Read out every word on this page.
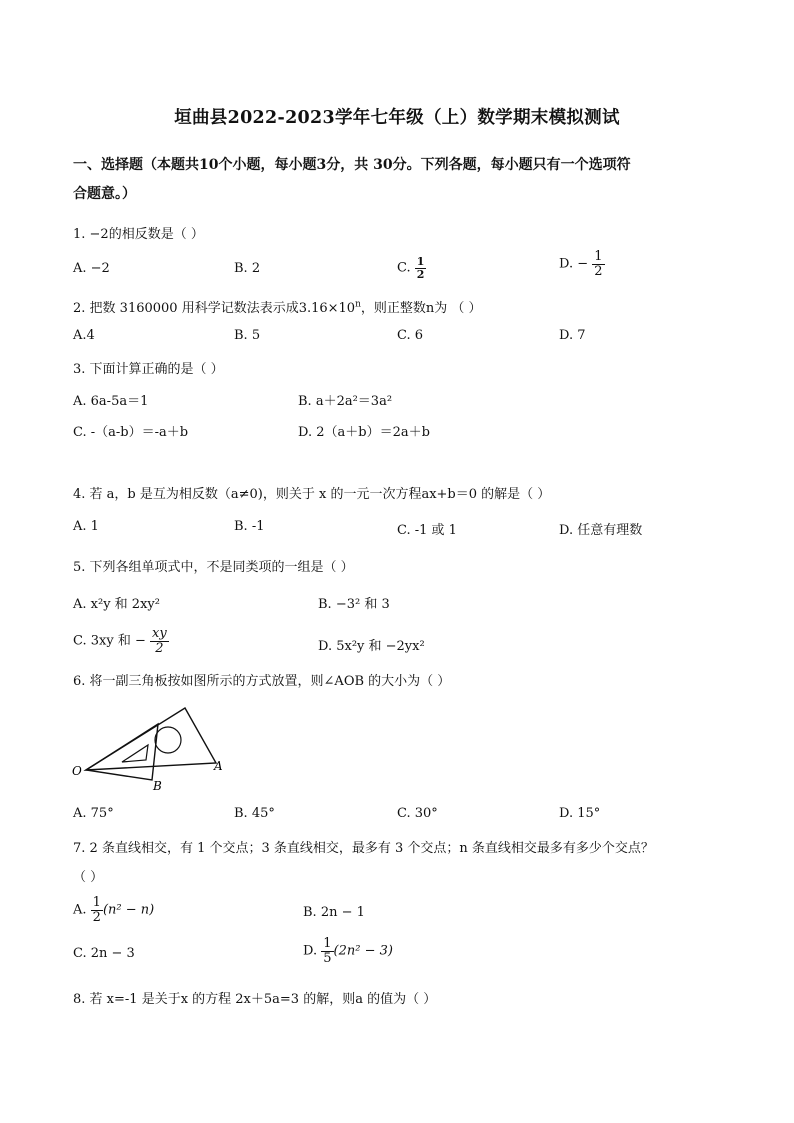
垣曲县2022-2023学年七年级（上）数学期末模拟测试
一、选择题（本题共10个小题，每小题3分，共 30分。下列各题，每小题只有一个选项符
合题意。）
1. −2的相反数是（ ）
A. −2	B. 2	C. $\frac{1}{2}$	D. − $\frac{1}{2}$
2. 把数 3160000 用科学记数法表示成$3.16\times 10^n$，则正整数n为 （ ）
A.4	B. 5	C. 6	D. 7
3. 下面计算正确的是（ ）
A. 6a-5a＝1	B. a＋2a²＝3a²
C. -（a-b）＝-a＋b	D. 2（a＋b）＝2a＋b
4. 若 a，b 是互为相反数（a≠0)，则关于 x 的一元一次方程ax+b＝0 的解是（ ）
A. 1	B. -1	C. -1 或 1	D. 任意有理数
5. 下列各组单项式中，不是同类项的一组是（ ）
A. x²y 和 2xy²	B. −3² 和 3
C. 3xy 和 − $\frac{xy}{2}$	D. 5x²y 和 −2yx²
6. 将一副三角板按如图所示的方式放置，则∠AOB 的大小为（ ）
O	A
B
A. 75°	B. 45°	C. 30°	D. 15°
7. 2 条直线相交，有 1 个交点；3 条直线相交，最多有 3 个交点；n 条直线相交最多有多少个交点？
（ ）
A. $\frac{1}{2} (n^2 - n)$	B. 2n − 1
C. 2n − 3	D. $\frac{1}{5} (2n^2 - 3)$
8. 若 x=-1 是关于x 的方程 2x＋5a=3 的解，则a 的值为（ ）
